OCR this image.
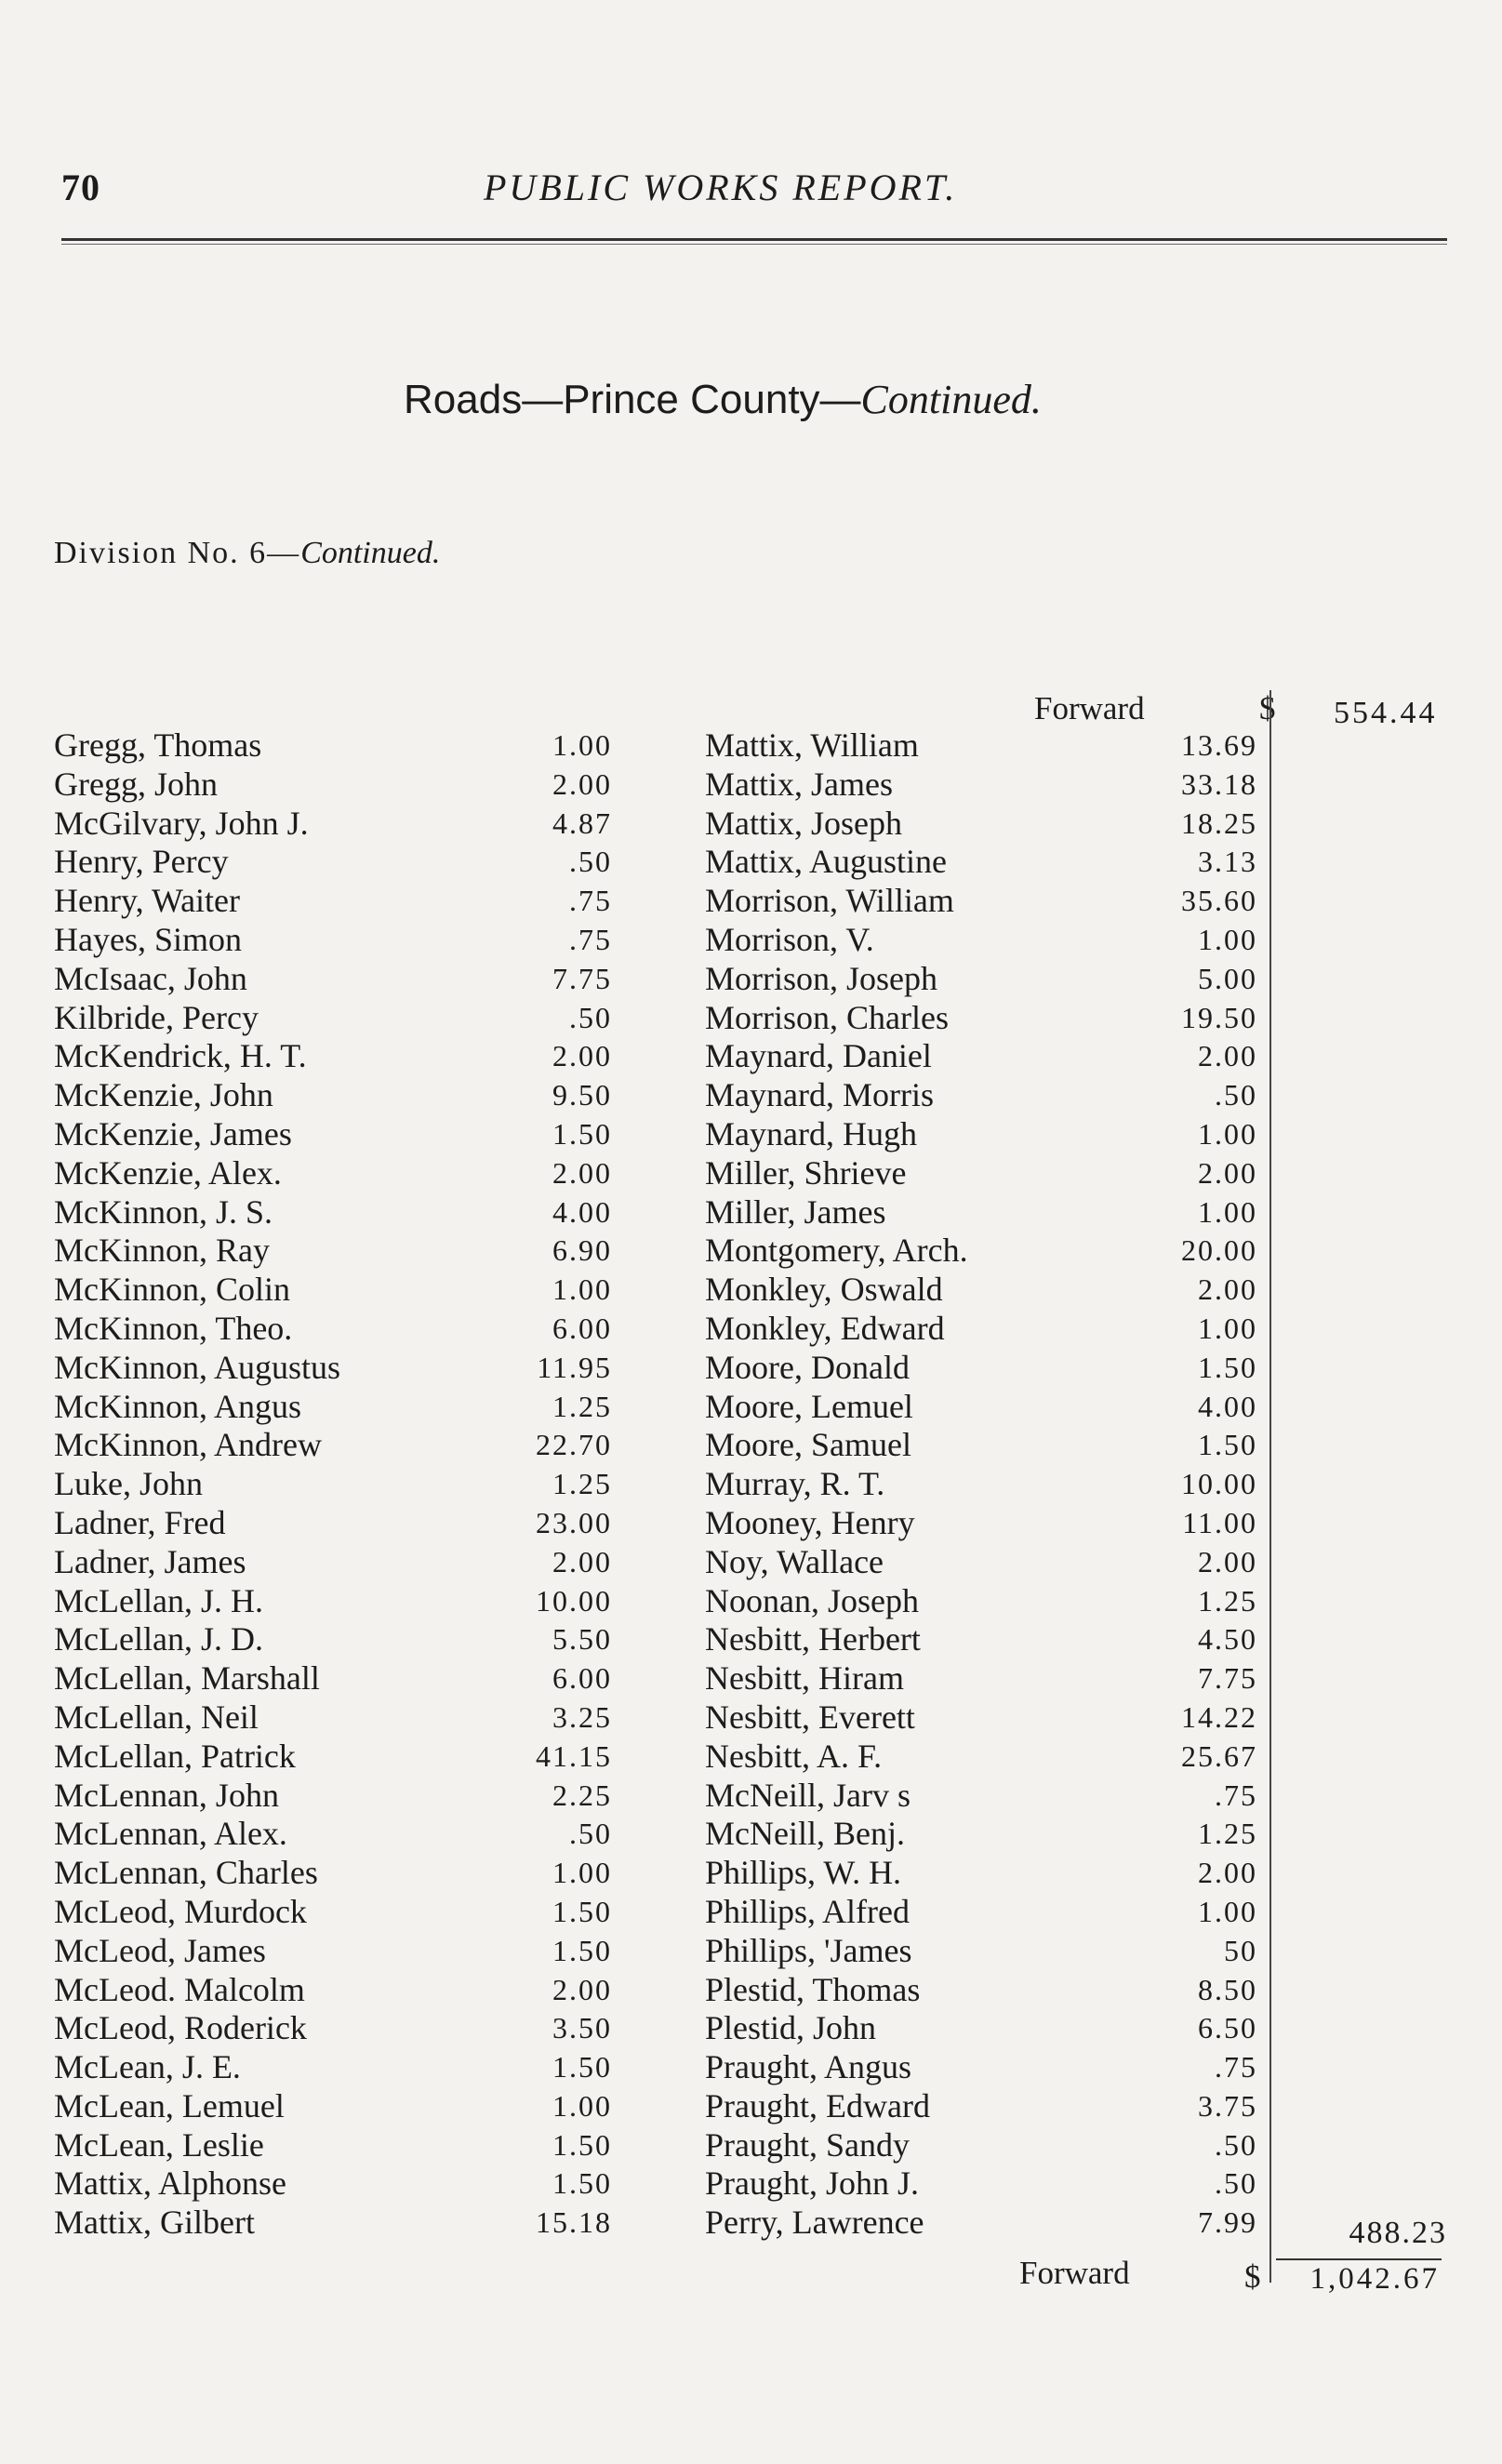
70	PUBLIC WORKS REPORT.
Roads—Prince County—Continued.
Division No. 6—Continued.
Forward	$ 554.44
Gregg, Thomas	1.00
Gregg, John	2.00
McGilvary, John J.	4.87
Henry, Percy	.50
Henry, Waiter	.75
Hayes, Simon	.75
McIsaac, John	7.75
Kilbride, Percy	.50
McKendrick, H. T.	2.00
McKenzie, John	9.50
McKenzie, James	1.50
McKenzie, Alex.	2.00
McKinnon, J. S.	4.00
McKinnon, Ray	6.90
McKinnon, Colin	1.00
McKinnon, Theo.	6.00
McKinnon, Augustus	11.95
McKinnon, Angus	1.25
McKinnon, Andrew	22.70
Luke, John	1.25
Ladner, Fred	23.00
Ladner, James	2.00
McLellan, J. H.	10.00
McLellan, J. D.	5.50
McLellan, Marshall	6.00
McLellan, Neil	3.25
McLellan, Patrick	41.15
McLennan, John	2.25
McLennan, Alex.	.50
McLennan, Charles	1.00
McLeod, Murdock	1.50
McLeod, James	1.50
McLeod. Malcolm	2.00
McLeod, Roderick	3.50
McLean, J. E.	1.50
McLean, Lemuel	1.00
McLean, Leslie	1.50
Mattix, Alphonse	1.50
Mattix, Gilbert	15.18
Mattix, William	13.69
Mattix, James	33.18
Mattix, Joseph	18.25
Mattix, Augustine	3.13
Morrison, William	35.60
Morrison, V.	1.00
Morrison, Joseph	5.00
Morrison, Charles	19.50
Maynard, Daniel	2.00
Maynard, Morris	.50
Maynard, Hugh	1.00
Miller, Shrieve	2.00
Miller, James	1.00
Montgomery, Arch.	20.00
Monkley, Oswald	2.00
Monkley, Edward	1.00
Moore, Donald	1.50
Moore, Lemuel	4.00
Moore, Samuel	1.50
Murray, R. T.	10.00
Mooney, Henry	11.00
Noy, Wallace	2.00
Noonan, Joseph	1.25
Nesbitt, Herbert	4.50
Nesbitt, Hiram	7.75
Nesbitt, Everett	14.22
Nesbitt, A. F.	25.67
McNeill, Jarv s	.75
McNeill, Benj.	1.25
Phillips, W. H.	2.00
Phillips, Alfred	1.00
Phillips, 'James	50
Plestid, Thomas	8.50
Plestid, John	6.50
Praught, Angus	.75
Praught, Edward	3.75
Praught, Sandy	.50
Praught, John J.	.50
Perry, Lawrence	7.99	488.23
Forward	$	1,042.67
